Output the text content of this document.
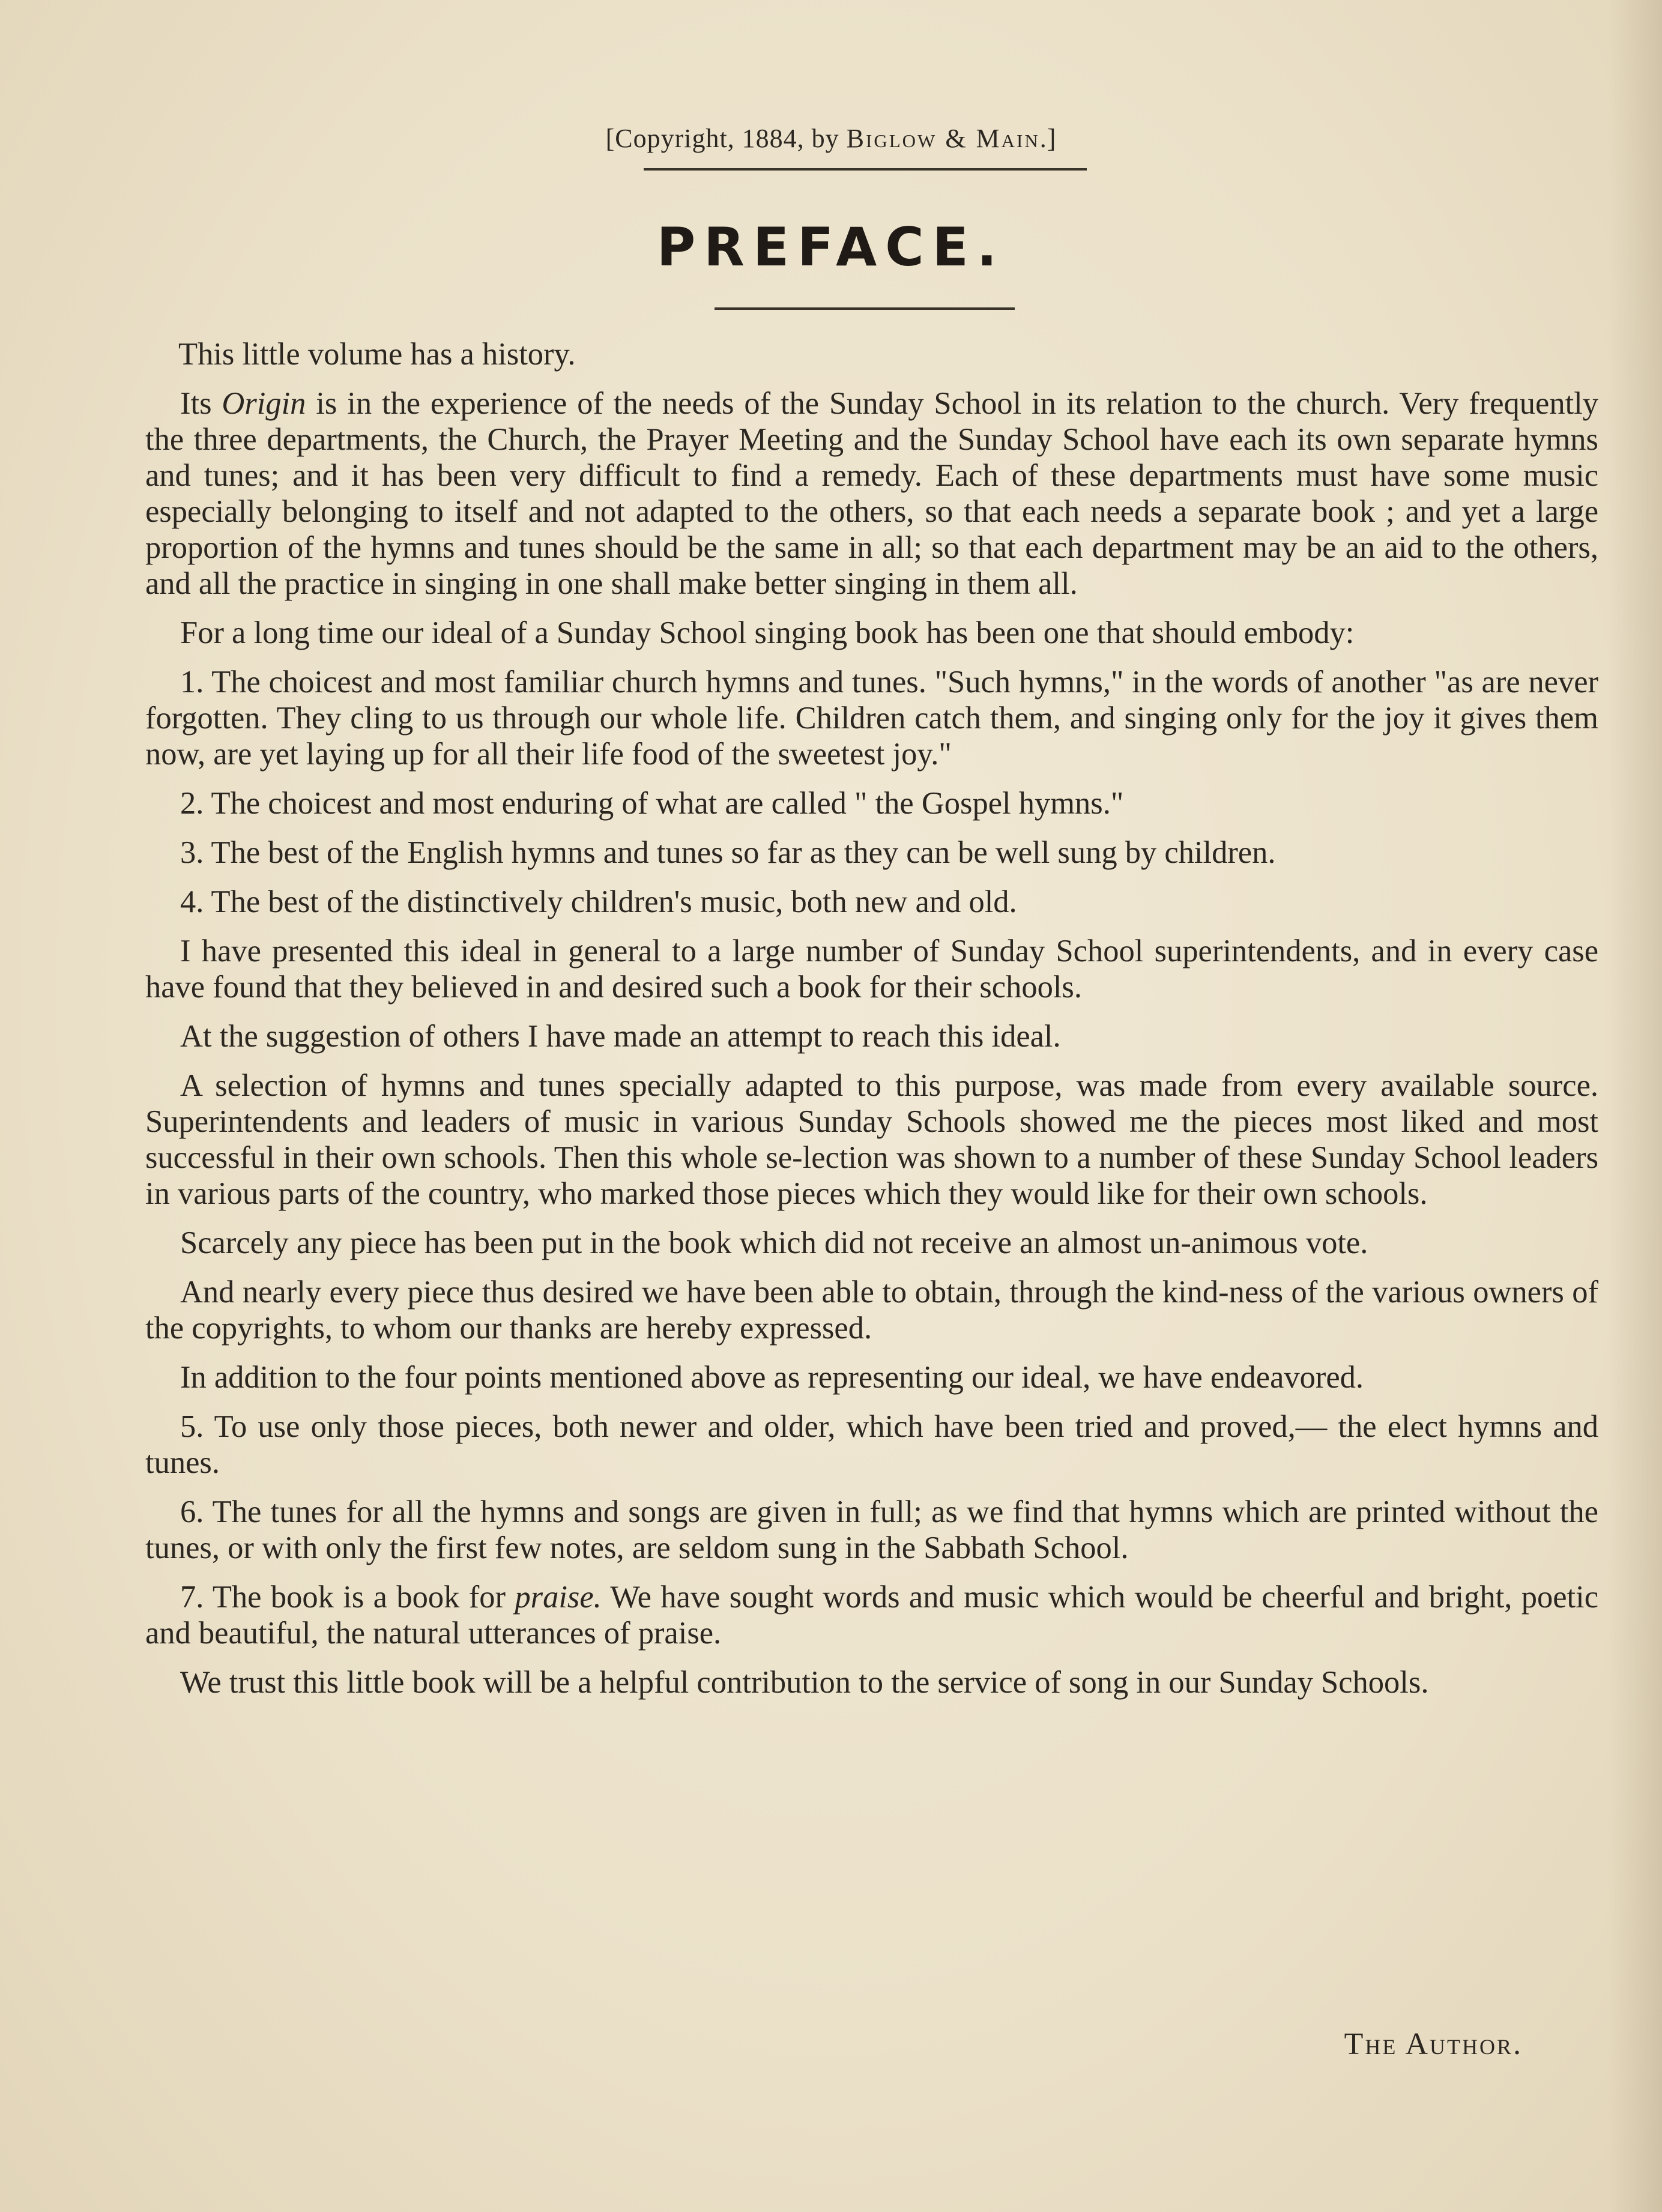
[Copyright, 1884, by Biglow & Main.]
PREFACE.

This little volume has a history.

Its Origin is in the experience of the needs of the Sunday School in its relation to the church. Very frequently the three departments, the Church, the Prayer Meeting and the Sunday School have each its own separate hymns and tunes; and it has been very difficult to find a remedy. Each of these departments must have some music especially belonging to itself and not adapted to the others, so that each needs a separate book ; and yet a large proportion of the hymns and tunes should be the same in all; so that each department may be an aid to the others, and all the practice in singing in one shall make better singing in them all.

For a long time our ideal of a Sunday School singing book has been one that should embody:

1. The choicest and most familiar church hymns and tunes. "Such hymns," in the words of another "as are never forgotten. They cling to us through our whole life. Children catch them, and singing only for the joy it gives them now, are yet laying up for all their life food of the sweetest joy."

2. The choicest and most enduring of what are called " the Gospel hymns."

3. The best of the English hymns and tunes so far as they can be well sung by children.

4. The best of the distinctively children's music, both new and old.

I have presented this ideal in general to a large number of Sunday School superintendents, and in every case have found that they believed in and desired such a book for their schools.

At the suggestion of others I have made an attempt to reach this ideal.

A selection of hymns and tunes specially adapted to this purpose, was made from every available source. Superintendents and leaders of music in various Sunday Schools showed me the pieces most liked and most successful in their own schools. Then this whole se-lection was shown to a number of these Sunday School leaders in various parts of the country, who marked those pieces which they would like for their own schools.

Scarcely any piece has been put in the book which did not receive an almost un-animous vote.

And nearly every piece thus desired we have been able to obtain, through the kind-ness of the various owners of the copyrights, to whom our thanks are hereby expressed.

In addition to the four points mentioned above as representing our ideal, we have endeavored.

5. To use only those pieces, both newer and older, which have been tried and proved,— the elect hymns and tunes.

6. The tunes for all the hymns and songs are given in full; as we find that hymns which are printed without the tunes, or with only the first few notes, are seldom sung in the Sabbath School.

7. The book is a book for praise. We have sought words and music which would be cheerful and bright, poetic and beautiful, the natural utterances of praise.

We trust this little book will be a helpful contribution to the service of song in our Sunday Schools.

The Author.
